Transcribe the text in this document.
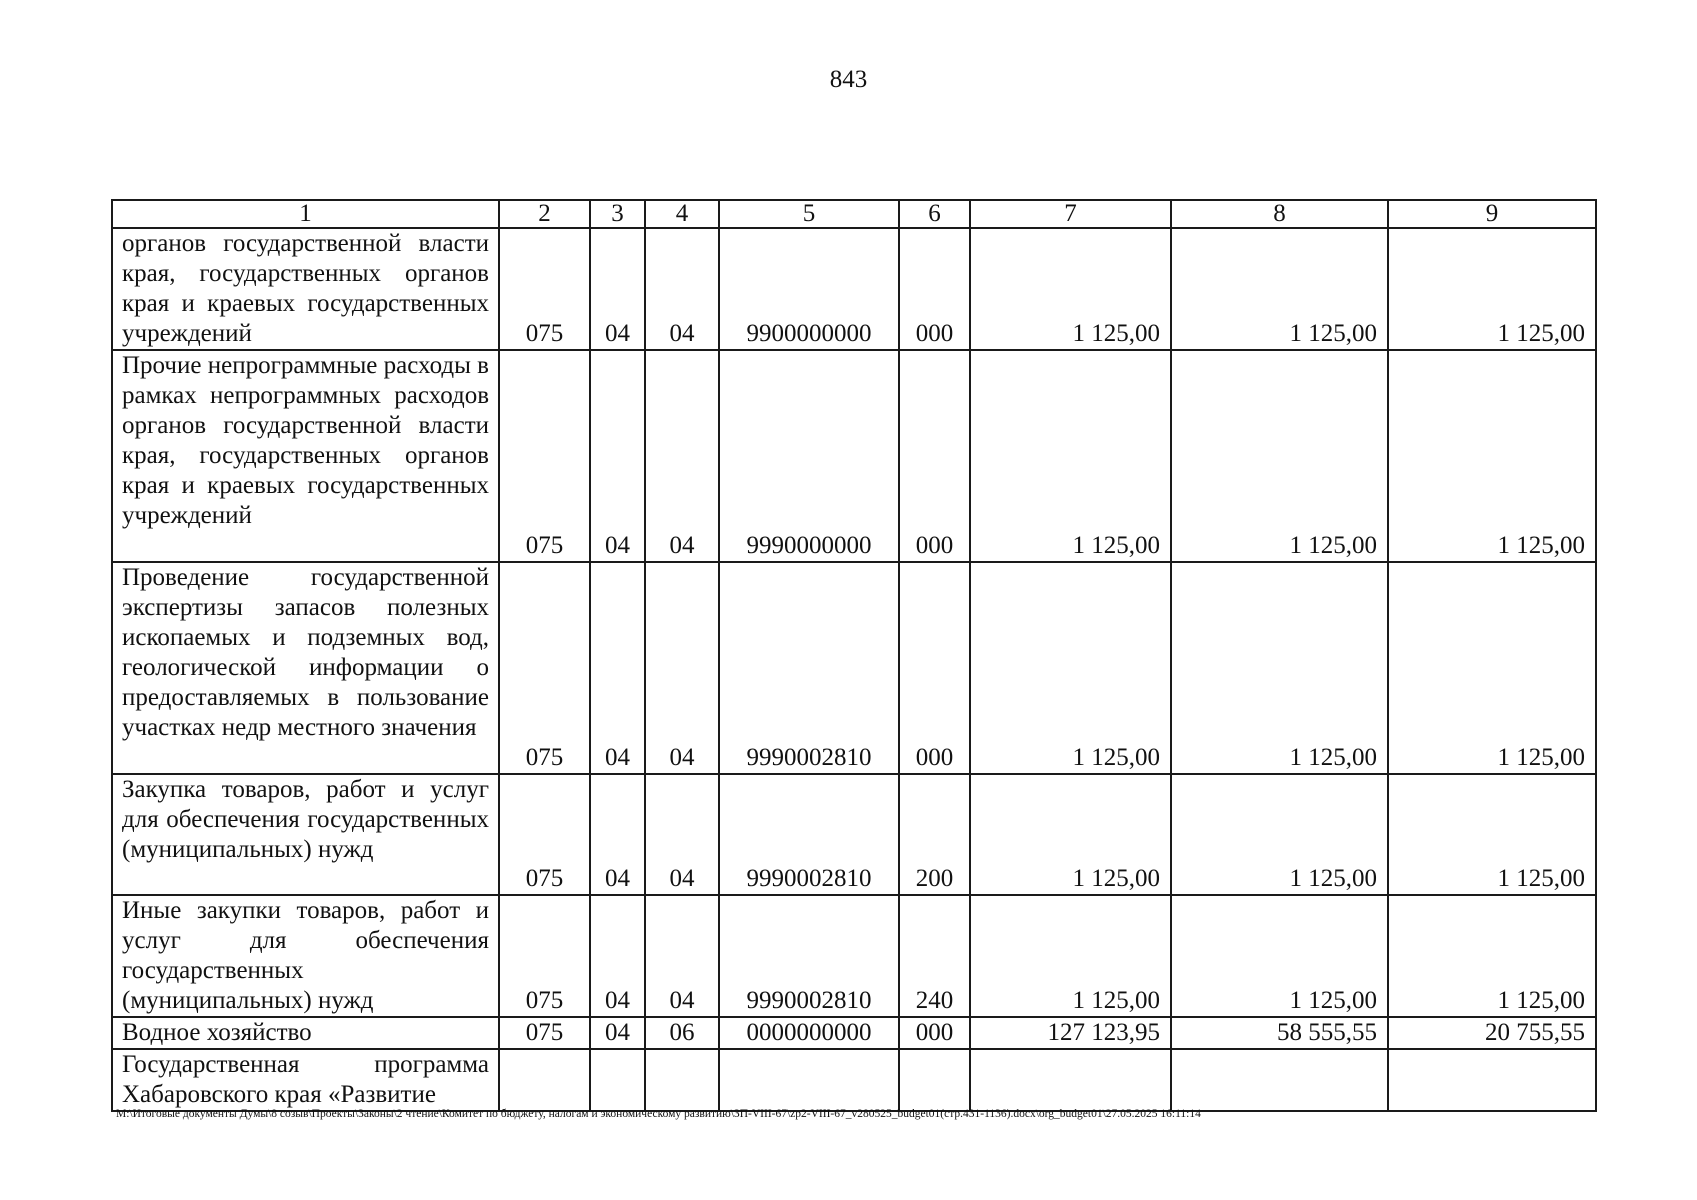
843
1	2	3	4	5	6	7	8	9
органов государственной власти края, государственных органов края и краевых государственных учреждений	075	04	04	9900000000	000	1 125,00	1 125,00	1 125,00
Прочие непрограммные расходы в рамках непрограммных расходов органов государственной власти края, государственных органов края и краевых государственных учреждений	075	04	04	9990000000	000	1 125,00	1 125,00	1 125,00
Проведение государственной экспертизы запасов полезных ископаемых и подземных вод, геологической информации о предоставляемых в пользование участках недр местного значения	075	04	04	9990002810	000	1 125,00	1 125,00	1 125,00
Закупка товаров, работ и услуг для обеспечения государственных (муниципальных) нужд	075	04	04	9990002810	200	1 125,00	1 125,00	1 125,00
Иные закупки товаров, работ и услуг для обеспечения государственных (муниципальных) нужд	075	04	04	9990002810	240	1 125,00	1 125,00	1 125,00
Водное хозяйство	075	04	06	0000000000	000	127 123,95	58 555,55	20 755,55
Государственная программа Хабаровского края «Развитие								
M:\Итоговые документы Думы\8 созыв\Проекты\Законы\2 чтение\Комитет по бюджету, налогам и экономическому развитию\ЗП-VIII-67\zp2-VIII-67_v280525_budget01(стр.431-1136).docx\org_budget01\27.05.2025 16:11:14
